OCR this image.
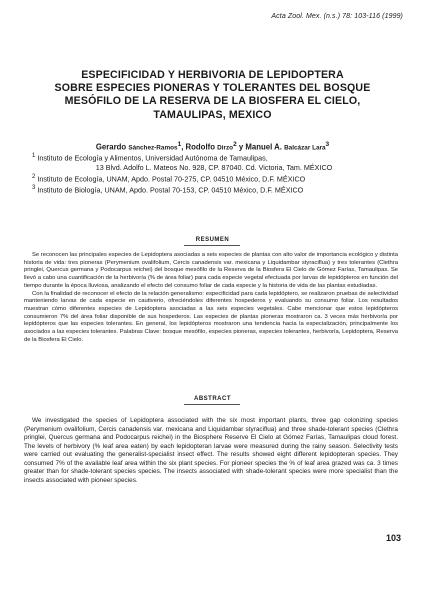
Acta Zool. Mex. (n.s.) 78: 103-116 (1999)
ESPECIFICIDAD Y HERBIVORIA DE LEPIDOPTERA
SOBRE ESPECIES PIONERAS Y TOLERANTES DEL BOSQUE
MESÓFILO DE LA RESERVA DE LA BIOSFERA EL CIELO,
TAMAULIPAS, MEXICO
Gerardo Sánchez-Ramos$^1$, Rodolfo Dirzo$^2$ y Manuel A. Balcázar Lara$^3$
$^1$ Instituto de Ecología y Alimentos, Universidad Autónoma de Tamaulipas,
13 Blvd. Adolfo L. Mateos No. 928, CP. 87040. Cd. Victoria, Tam. MÉXICO
$^2$ Instituto de Ecología, UNAM, Apdo. Postal 70-275, CP. 04510 México, D.F. MÉXICO
$^3$ Instituto de Biología, UNAM, Apdo. Postal 70-153, CP. 04510 México, D.F. MÉXICO
RESUMEN

Se reconocen las principales especies de Lepidoptera asociadas a seis especies de plantas con alto valor de importancia ecológico y distinta historia de vida: tres pioneras (Perymenium ovalifolium, Cercis canadensis var. mexicana y Liquidambar styraciflua) y tres tolerantes (Clethra pringlei, Quercus germana y Podocarpus reichei) del bosque mesófilo de la Reserva de la Biosfera El Cielo de Gómez Farías, Tamaulipas. Se llevó a cabo una cuantificación de la herbivoría (% de área foliar) para cada especie vegetal efectuada por larvas de lepidópteros en función del tiempo durante la época lluviosa, analizando el efecto del consumo foliar de cada especie y la historia de vida de las plantas estudiadas.

Con la finalidad de reconocer el efecto de la relación generalismo: especificidad para cada lepidóptero, se realizaron pruebas de selectividad manteniendo larvas de cada especie en cautiverio, ofreciéndoles diferentes hospederos y evaluando su consumo foliar. Los resultados muestran cómo diferentes especies de Lepidoptera asociadas a las seis especies vegetales. Cabe mencionar que estos lepidópteros consumieron 7% del área foliar disponible de sus hospederos. Las especies de plantas pioneras mostraron ca. 3 veces más herbivoría por lepidópteros que las especies tolerantes. En general, los lepidópteros mostraron una tendencia hacia la especialización, principalmente los asociados a las especies tolerantes. Palabras Clave: bosque mesófilo, especies pioneras, especies tolerantes, herbivoría, Lepidoptera, Reserva de la Biosfera El Cielo.

ABSTRACT

We investigated the species of Lepidoptera associated with the six most important plants, three gap colonizing species (Perymenium ovalifolium, Cercis canadensis var. mexicana and Liquidambar styraciflua) and three shade-tolerant species (Clethra pringlei, Quercus germana and Podocarpus reichei) in the Biosphere Reserve El Cielo at Gómez Farías, Tamaulipas cloud forest. The levels of herbivory (% leaf area eaten) by each lepidopteran larvae were measured during the rainy season. Selectivity tests were carried out evaluating the generalist-specialist insect effect. The results showed eight different lepidopteran species. They consumed 7% of the available leaf area within the six plant species. For pioneer species the % of leaf area grazed was ca. 3 times greater than for shade-tolerant species species. The insects associated with shade-tolerant species were more specialist than the insects associated with pioneer species.

103
